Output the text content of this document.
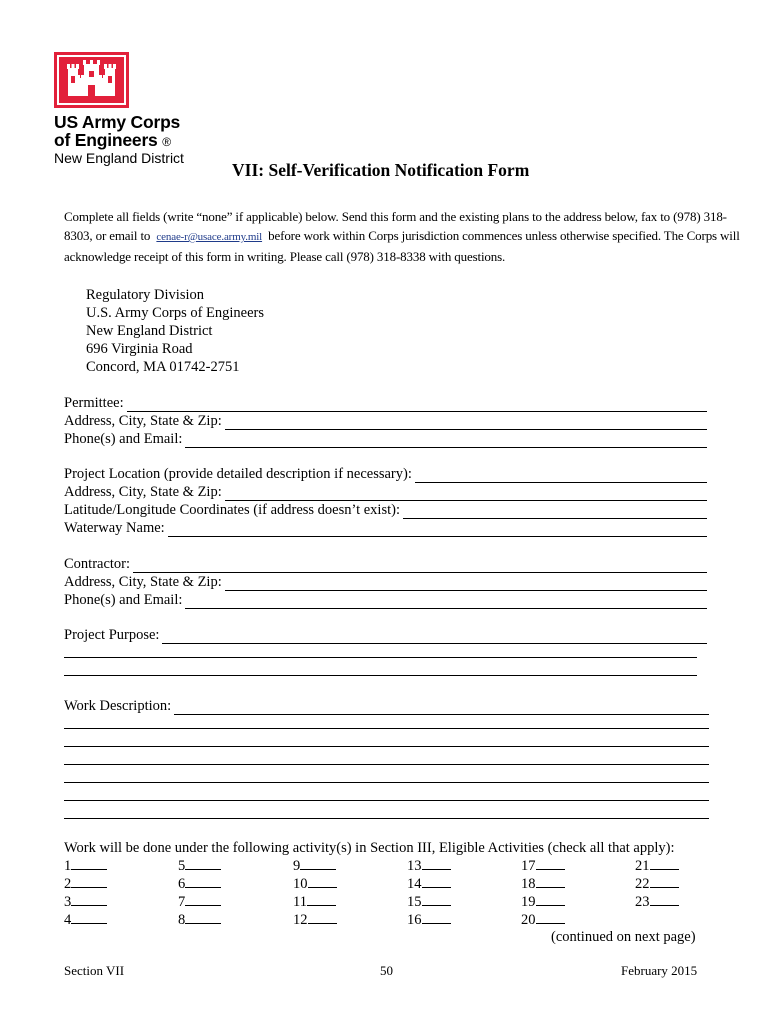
US Army Corps
of Engineers ®
New England District
VII: Self-Verification Notification Form
Complete all fields (write “none” if applicable) below. Send this form and the existing plans to the address below, fax to (978) 318-8303, or email to cenae-r@usace.army.mil before work within Corps jurisdiction commences unless otherwise specified. The Corps will acknowledge receipt of this form in writing. Please call (978) 318-8338 with questions.
Regulatory Division
U.S. Army Corps of Engineers
New England District
696 Virginia Road
Concord, MA 01742-2751
Permittee:
Address, City, State & Zip:
Phone(s) and Email:
Project Location (provide detailed description if necessary):
Address, City, State & Zip:
Latitude/Longitude Coordinates (if address doesn’t exist):
Waterway Name:
Contractor:
Address, City, State & Zip:
Phone(s) and Email:
Project Purpose:
Work Description:
Work will be done under the following activity(s) in Section III, Eligible Activities (check all that apply):
1
2
3
4
5
6
7
8
9
10
11
12
13
14
15
16
17
18
19
20
21
22
23
(continued on next page)
Section VII	50	February 2015
